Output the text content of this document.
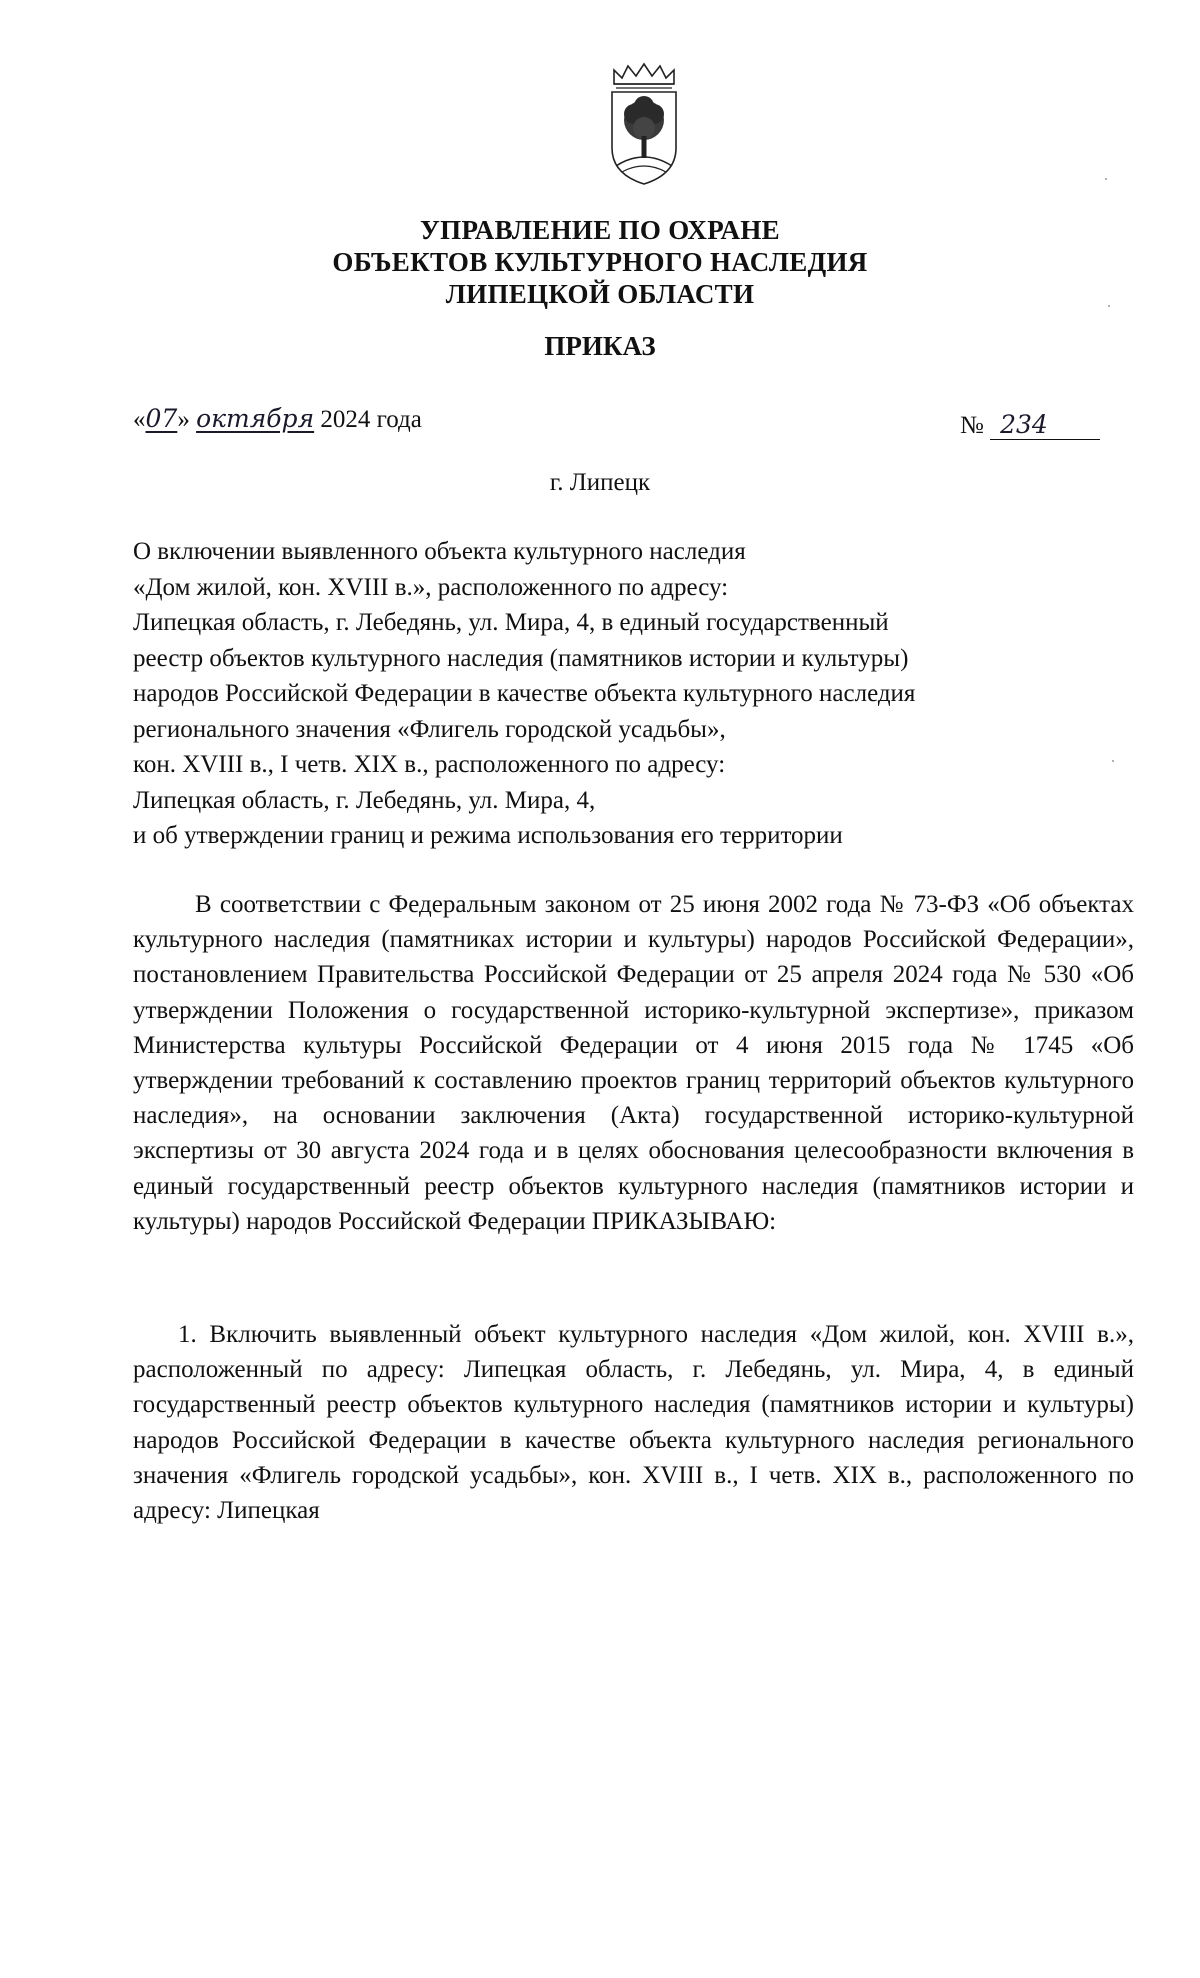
УПРАВЛЕНИЕ ПО ОХРАНЕ
ОБЪЕКТОВ КУЛЬТУРНОГО НАСЛЕДИЯ
ЛИПЕЦКОЙ ОБЛАСТИ
ПРИКАЗ
«07» октября 2024 года	№ 234
г. Липецк
О включении выявленного объекта культурного наследия
«Дом жилой, кон. XVIII в.», расположенного по адресу:
Липецкая область, г. Лебедянь, ул. Мира, 4, в единый государственный
реестр объектов культурного наследия (памятников истории и культуры)
народов Российской Федерации в качестве объекта культурного наследия
регионального значения «Флигель городской усадьбы»,
кон. XVIII в., I четв. XIX в., расположенного по адресу:
Липецкая область, г. Лебедянь, ул. Мира, 4,
и об утверждении границ и режима использования его территории

В соответствии с Федеральным законом от 25 июня 2002 года № 73-ФЗ «Об объектах культурного наследия (памятниках истории и культуры) народов Российской Федерации», постановлением Правительства Российской Федерации от 25 апреля 2024 года № 530 «Об утверждении Положения о государственной историко-культурной экспертизе», приказом Министерства культуры Российской Федерации от 4 июня 2015 года № 1745 «Об утверждении требований к составлению проектов границ территорий объектов культурного наследия», на основании заключения (Акта) государственной историко-культурной экспертизы от 30 августа 2024 года и в целях обоснования целесообразности включения в единый государственный реестр объектов культурного наследия (памятников истории и культуры) народов Российской Федерации ПРИКАЗЫВАЮ:

1. Включить выявленный объект культурного наследия «Дом жилой, кон. XVIII в.», расположенный по адресу: Липецкая область, г. Лебедянь, ул. Мира, 4, в единый государственный реестр объектов культурного наследия (памятников истории и культуры) народов Российской Федерации в качестве объекта культурного наследия регионального значения «Флигель городской усадьбы», кон. XVIII в., I четв. XIX в., расположенного по адресу: Липецкая
